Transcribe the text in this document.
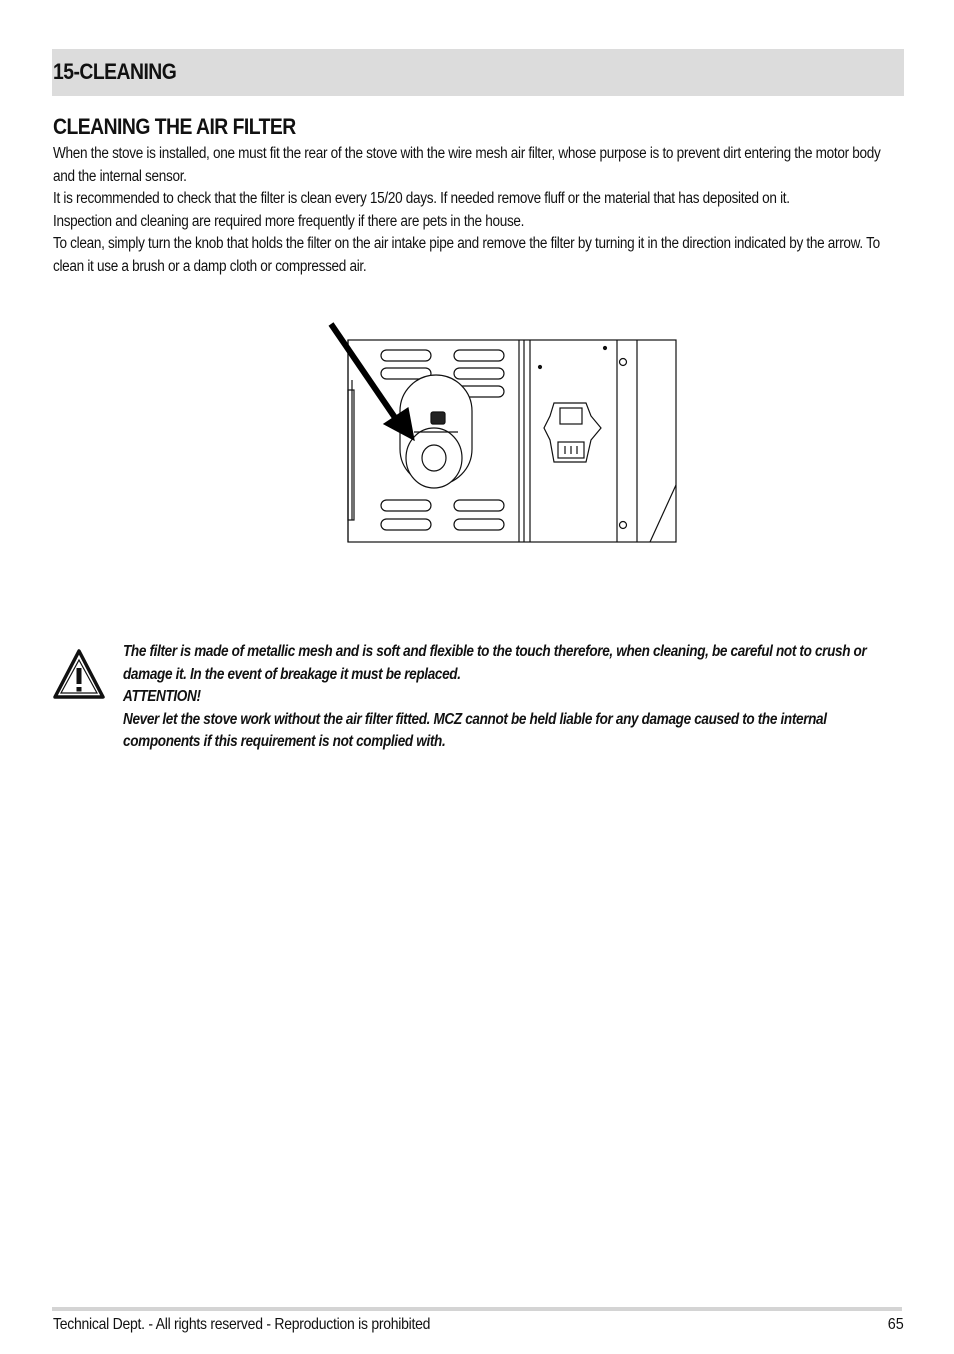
15-CLEANING
CLEANING THE AIR FILTER

When the stove is installed, one must fit the rear of the stove with the wire mesh air filter, whose purpose is to prevent dirt entering the motor body and the internal sensor.

It is recommended to check that the filter is clean every 15/20 days. If needed remove fluff or the material that has deposited on it.

Inspection and cleaning are required more frequently if there are pets in the house.

To clean, simply turn the knob that holds the filter on the air intake pipe and remove the filter by turning it in the direction indicated by the arrow. To clean it use a brush or a damp cloth or compressed air.

The filter is made of metallic mesh and is soft and flexible to the touch therefore, when cleaning, be careful not to crush or damage it. In the event of breakage it must be replaced.

ATTENTION!

Never let the stove work without the air filter fitted. MCZ cannot be held liable for any damage caused to the internal components if this requirement is not complied with.

Technical Dept. - All rights reserved - Reproduction is prohibited	65
